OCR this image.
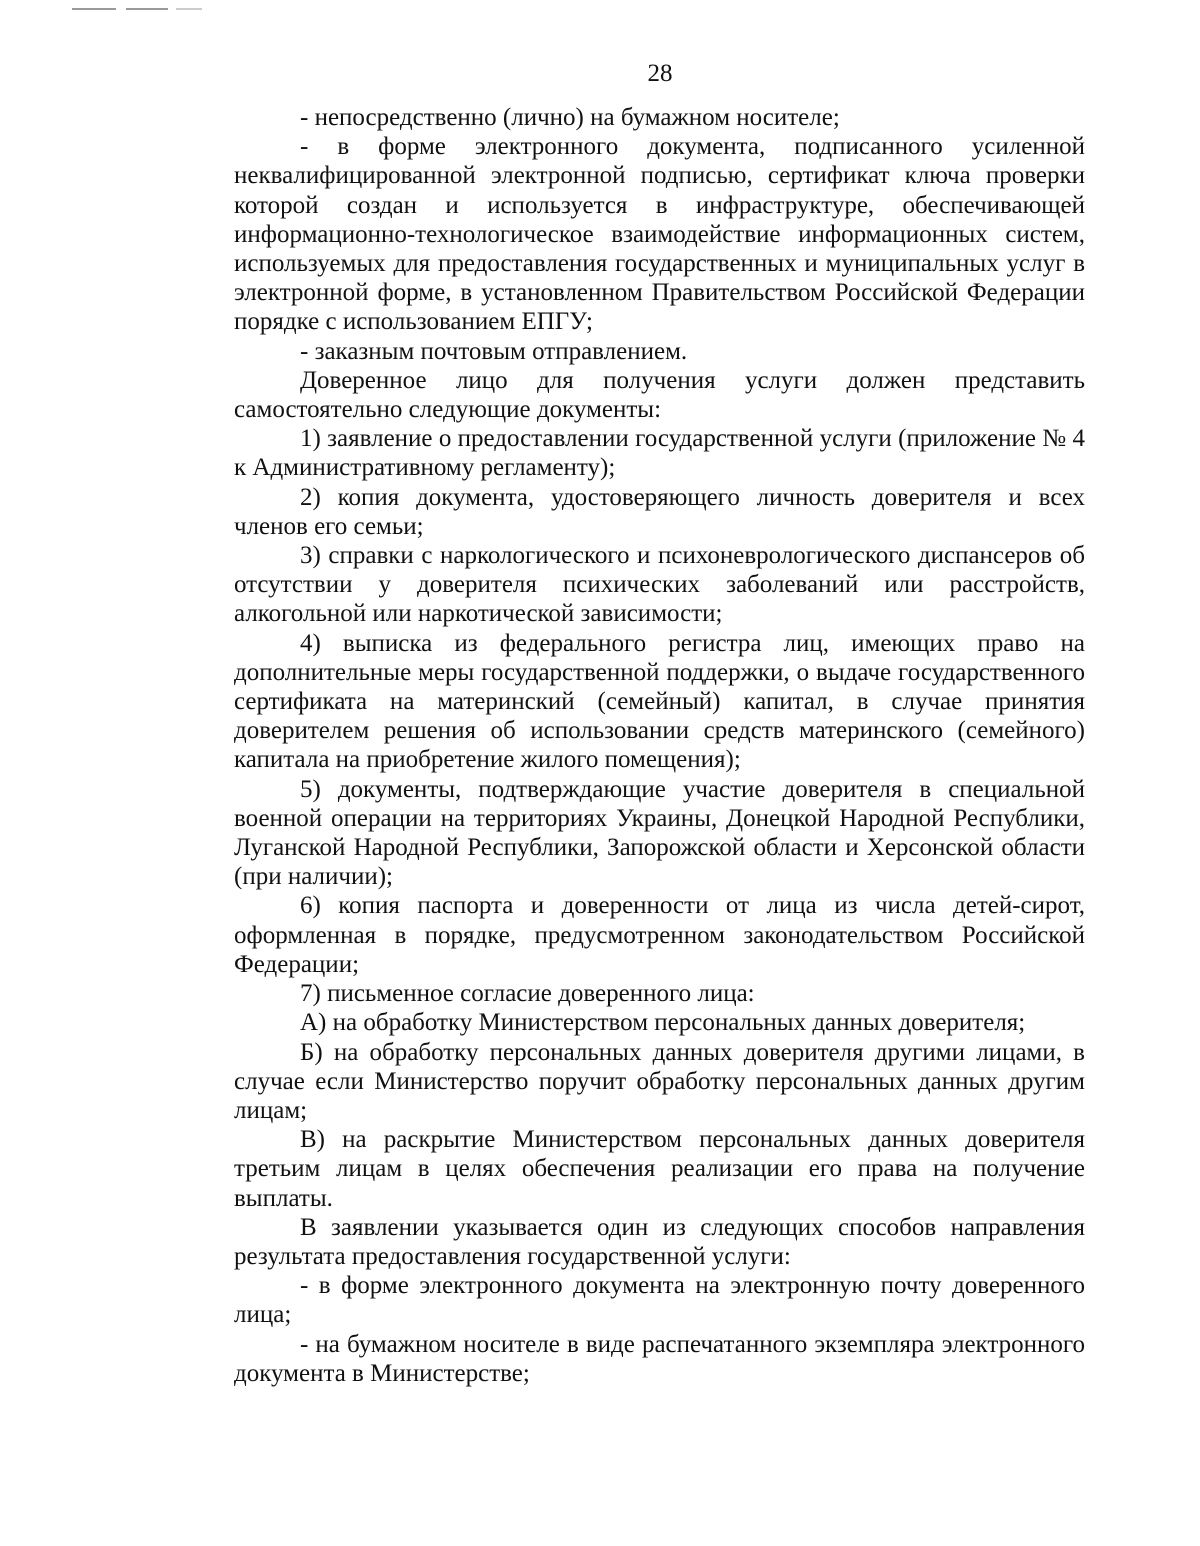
28

- непосредственно (лично) на бумажном носителе;

- в форме электронного документа, подписанного усиленной неквалифицированной электронной подписью, сертификат ключа проверки которой создан и используется в инфраструктуре, обеспечивающей информационно-технологическое взаимодействие информационных систем, используемых для предоставления государственных и муниципальных услуг в электронной форме, в установленном Правительством Российской Федерации порядке с использованием ЕПГУ;

- заказным почтовым отправлением.

Доверенное лицо для получения услуги должен представить самостоятельно следующие документы:

1) заявление о предоставлении государственной услуги (приложение № 4 к Административному регламенту);

2) копия документа, удостоверяющего личность доверителя и всех членов его семьи;

3) справки с наркологического и психоневрологического диспансеров об отсутствии у доверителя психических заболеваний или расстройств, алкогольной или наркотической зависимости;

4) выписка из федерального регистра лиц, имеющих право на дополнительные меры государственной поддержки, о выдаче государственного сертификата на материнский (семейный) капитал, в случае принятия доверителем решения об использовании средств материнского (семейного) капитала на приобретение жилого помещения);

5) документы, подтверждающие участие доверителя в специальной военной операции на территориях Украины, Донецкой Народной Республики, Луганской Народной Республики, Запорожской области и Херсонской области (при наличии);

6) копия паспорта и доверенности от лица из числа детей-сирот, оформленная в порядке, предусмотренном законодательством Российской Федерации;

7) письменное согласие доверенного лица:

А) на обработку Министерством персональных данных доверителя;

Б) на обработку персональных данных доверителя другими лицами, в случае если Министерство поручит обработку персональных данных другим лицам;

В) на раскрытие Министерством персональных данных доверителя третьим лицам в целях обеспечения реализации его права на получение выплаты.

В заявлении указывается один из следующих способов направления результата предоставления государственной услуги:

- в форме электронного документа на электронную почту доверенного лица;

- на бумажном носителе в виде распечатанного экземпляра электронного документа в Министерстве;
